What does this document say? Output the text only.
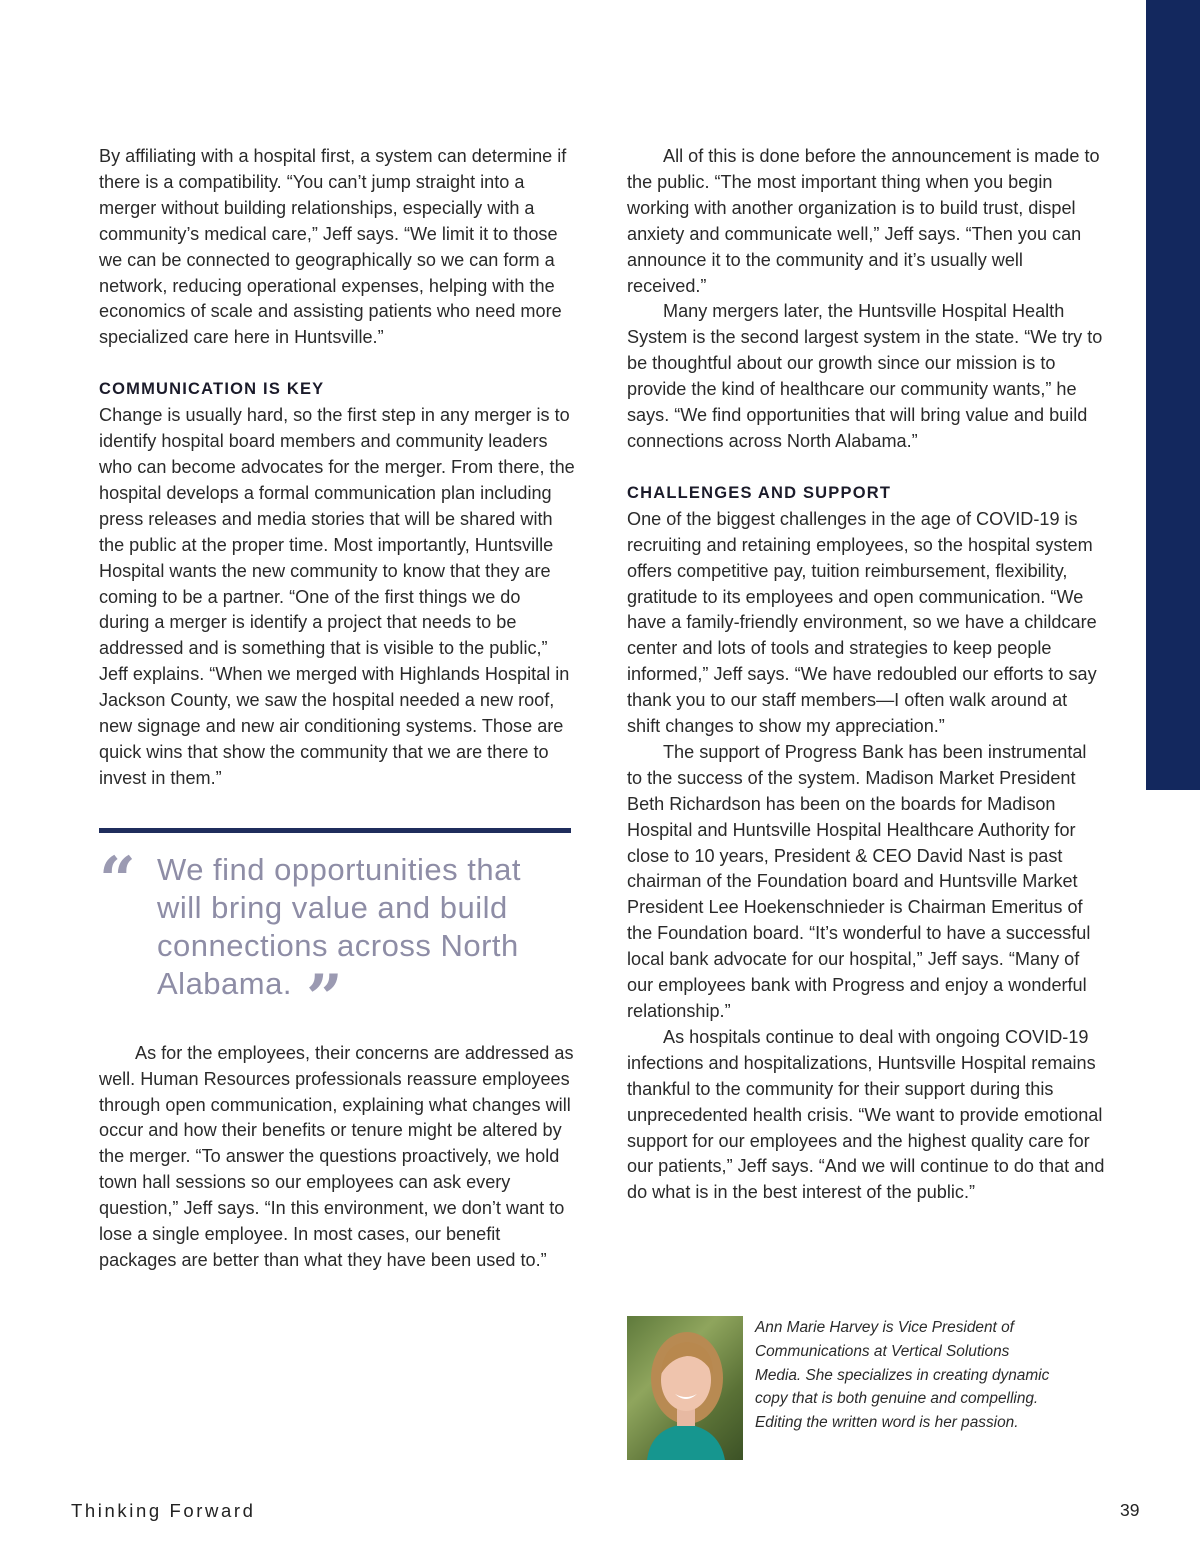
By affiliating with a hospital first, a system can determine if there is a compatibility. “You can’t jump straight into a merger without building relationships, especially with a community’s medical care,” Jeff says. “We limit it to those we can be connected to geographically so we can form a network, reducing operational expenses, helping with the economics of scale and assisting patients who need more specialized care here in Huntsville.”

COMMUNICATION IS KEY

Change is usually hard, so the first step in any merger is to identify hospital board members and community leaders who can become advocates for the merger. From there, the hospital develops a formal communication plan including press releases and media stories that will be shared with the public at the proper time. Most importantly, Huntsville Hospital wants the new community to know that they are coming to be a partner. “One of the first things we do during a merger is identify a project that needs to be addressed and is something that is visible to the public,” Jeff explains. “When we merged with Highlands Hospital in Jackson County, we saw the hospital needed a new roof, new signage and new air conditioning systems. Those are quick wins that show the community that we are there to invest in them.”

“ We find opportunities that will bring value and build connections across North Alabama. ”

As for the employees, their concerns are addressed as well. Human Resources professionals reassure employees through open communication, explaining what changes will occur and how their benefits or tenure might be altered by the merger. “To answer the questions proactively, we hold town hall sessions so our employees can ask every question,” Jeff says. “In this environment, we don’t want to lose a single employee. In most cases, our benefit packages are better than what they have been used to.”

All of this is done before the announcement is made to the public. “The most important thing when you begin working with another organization is to build trust, dispel anxiety and communicate well,” Jeff says. “Then you can announce it to the community and it’s usually well received.”

Many mergers later, the Huntsville Hospital Health System is the second largest system in the state. “We try to be thoughtful about our growth since our mission is to provide the kind of healthcare our community wants,” he says. “We find opportunities that will bring value and build connections across North Alabama.”

CHALLENGES AND SUPPORT

One of the biggest challenges in the age of COVID-19 is recruiting and retaining employees, so the hospital system offers competitive pay, tuition reimbursement, flexibility, gratitude to its employees and open communication. “We have a family-friendly environment, so we have a childcare center and lots of tools and strategies to keep people informed,” Jeff says. “We have redoubled our efforts to say thank you to our staff members—I often walk around at shift changes to show my appreciation.”

The support of Progress Bank has been instrumental to the success of the system. Madison Market President Beth Richardson has been on the boards for Madison Hospital and Huntsville Hospital Healthcare Authority for close to 10 years, President & CEO David Nast is past chairman of the Foundation board and Huntsville Market President Lee Hoekenschnieder is Chairman Emeritus of the Foundation board. “It’s wonderful to have a successful local bank advocate for our hospital,” Jeff says. “Many of our employees bank with Progress and enjoy a wonderful relationship.”

As hospitals continue to deal with ongoing COVID-19 infections and hospitalizations, Huntsville Hospital remains thankful to the community for their support during this unprecedented health crisis. “We want to provide emotional support for our employees and the highest quality care for our patients,” Jeff says. “And we will continue to do that and do what is in the best interest of the public.”

Ann Marie Harvey is Vice President of Communications at Vertical Solutions Media. She specializes in creating dynamic copy that is both genuine and compelling. Editing the written word is her passion.
Thinking Forward	39
